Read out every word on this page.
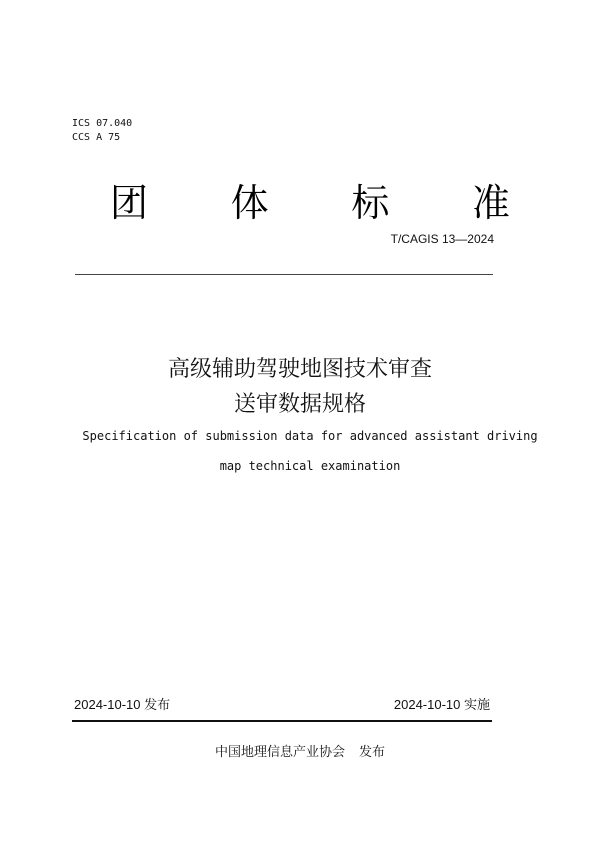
ICS 07.040
CCS A 75
团 体 标 准
T/CAGIS 13—2024
高级辅助驾驶地图技术审查
送审数据规格
Specification of submission data for advanced assistant driving
map technical examination
2024-10-10 发布	2024-10-10 实施
中国地理信息产业协会 发布
